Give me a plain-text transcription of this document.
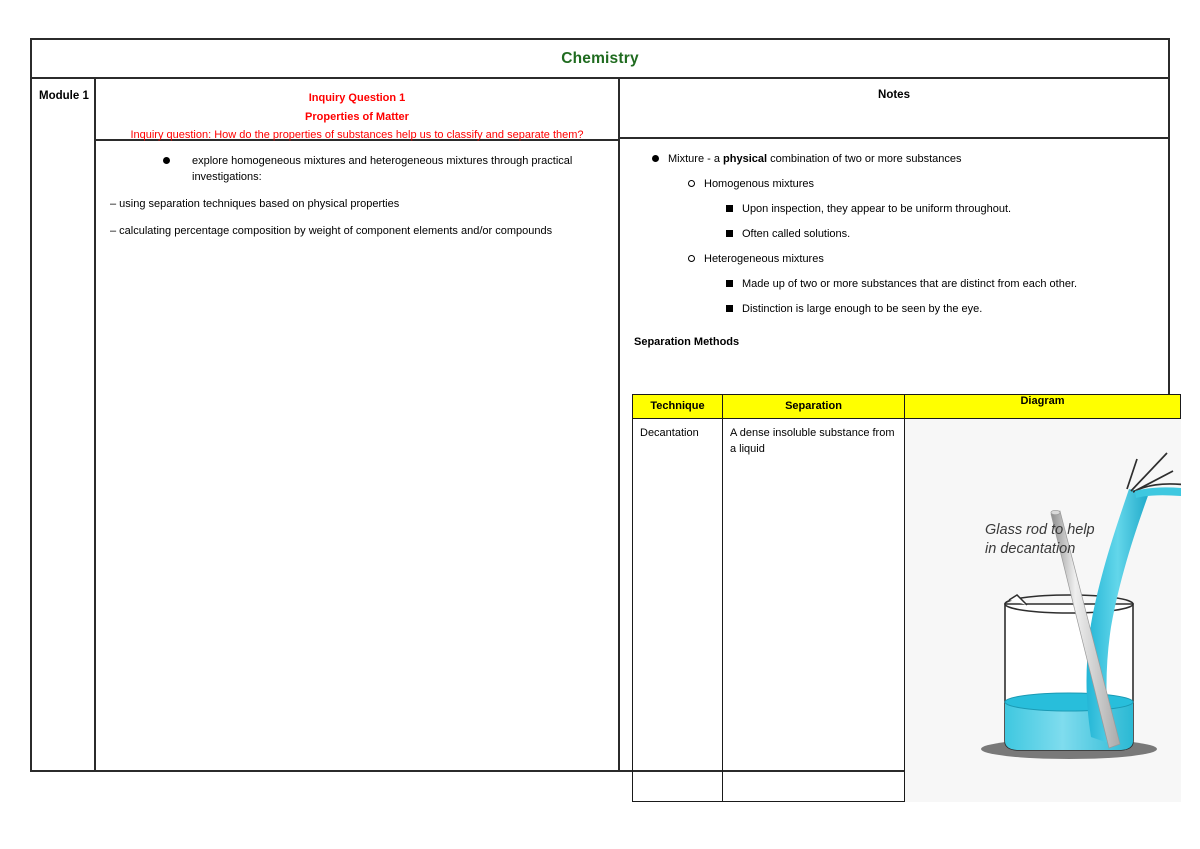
Chemistry
Module 1	Inquiry Question 1
Properties of Matter
Inquiry question: How do the properties of substances help us to classify and separate them?
explore homogeneous mixtures and heterogeneous mixtures through practical investigations:
– using separation techniques based on physical properties
– calculating percentage composition by weight of component elements and/or compounds
Notes
Mixture - a physical combination of two or more substances
Homogenous mixtures
Upon inspection, they appear to be uniform throughout.
Often called solutions.
Heterogeneous mixtures
Made up of two or more substances that are distinct from each other.
Distinction is large enough to be seen by the eye.
Separation Methods
Technique	Separation	Diagram
Decantation	A dense insoluble substance from a liquid	Glass rod to help
in decantation
